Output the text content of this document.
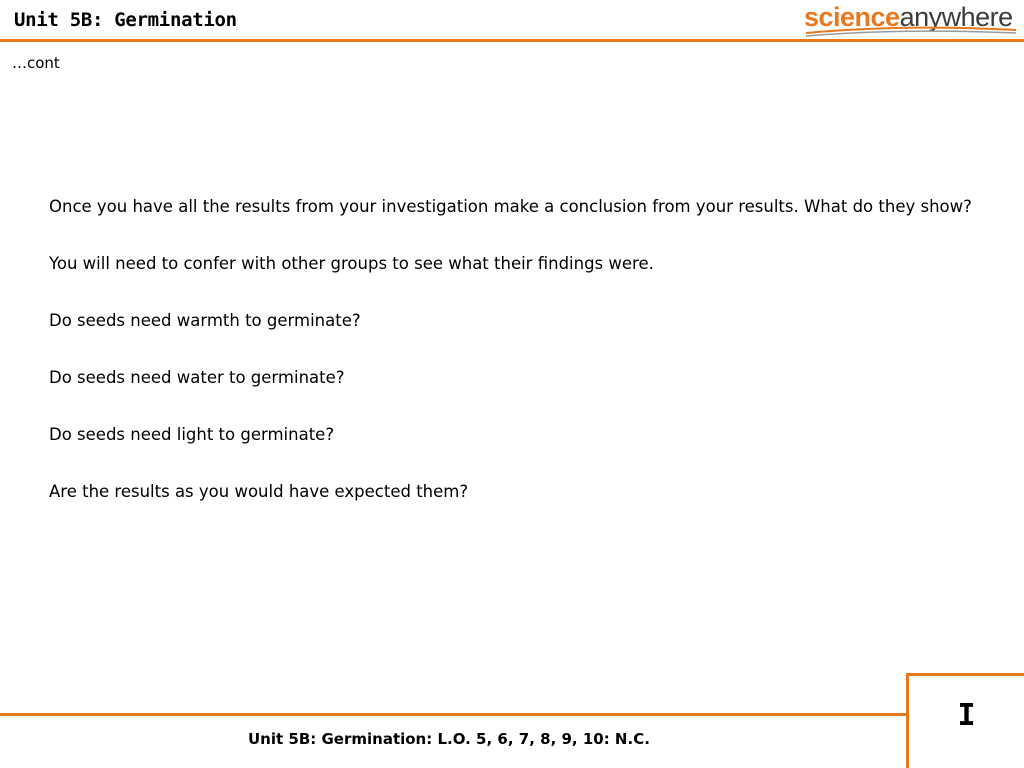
Unit 5B: Germination	scienceanywhere
…cont

Once you have all the results from your investigation make a conclusion from your results. What do they show?

You will need to confer with other groups to see what their findings were.

Do seeds need warmth to germinate?

Do seeds need water to germinate?

Do seeds need light to germinate?

Are the results as you would have expected them?

I
Unit 5B: Germination: L.O. 5, 6, 7, 8, 9, 10: N.C.
